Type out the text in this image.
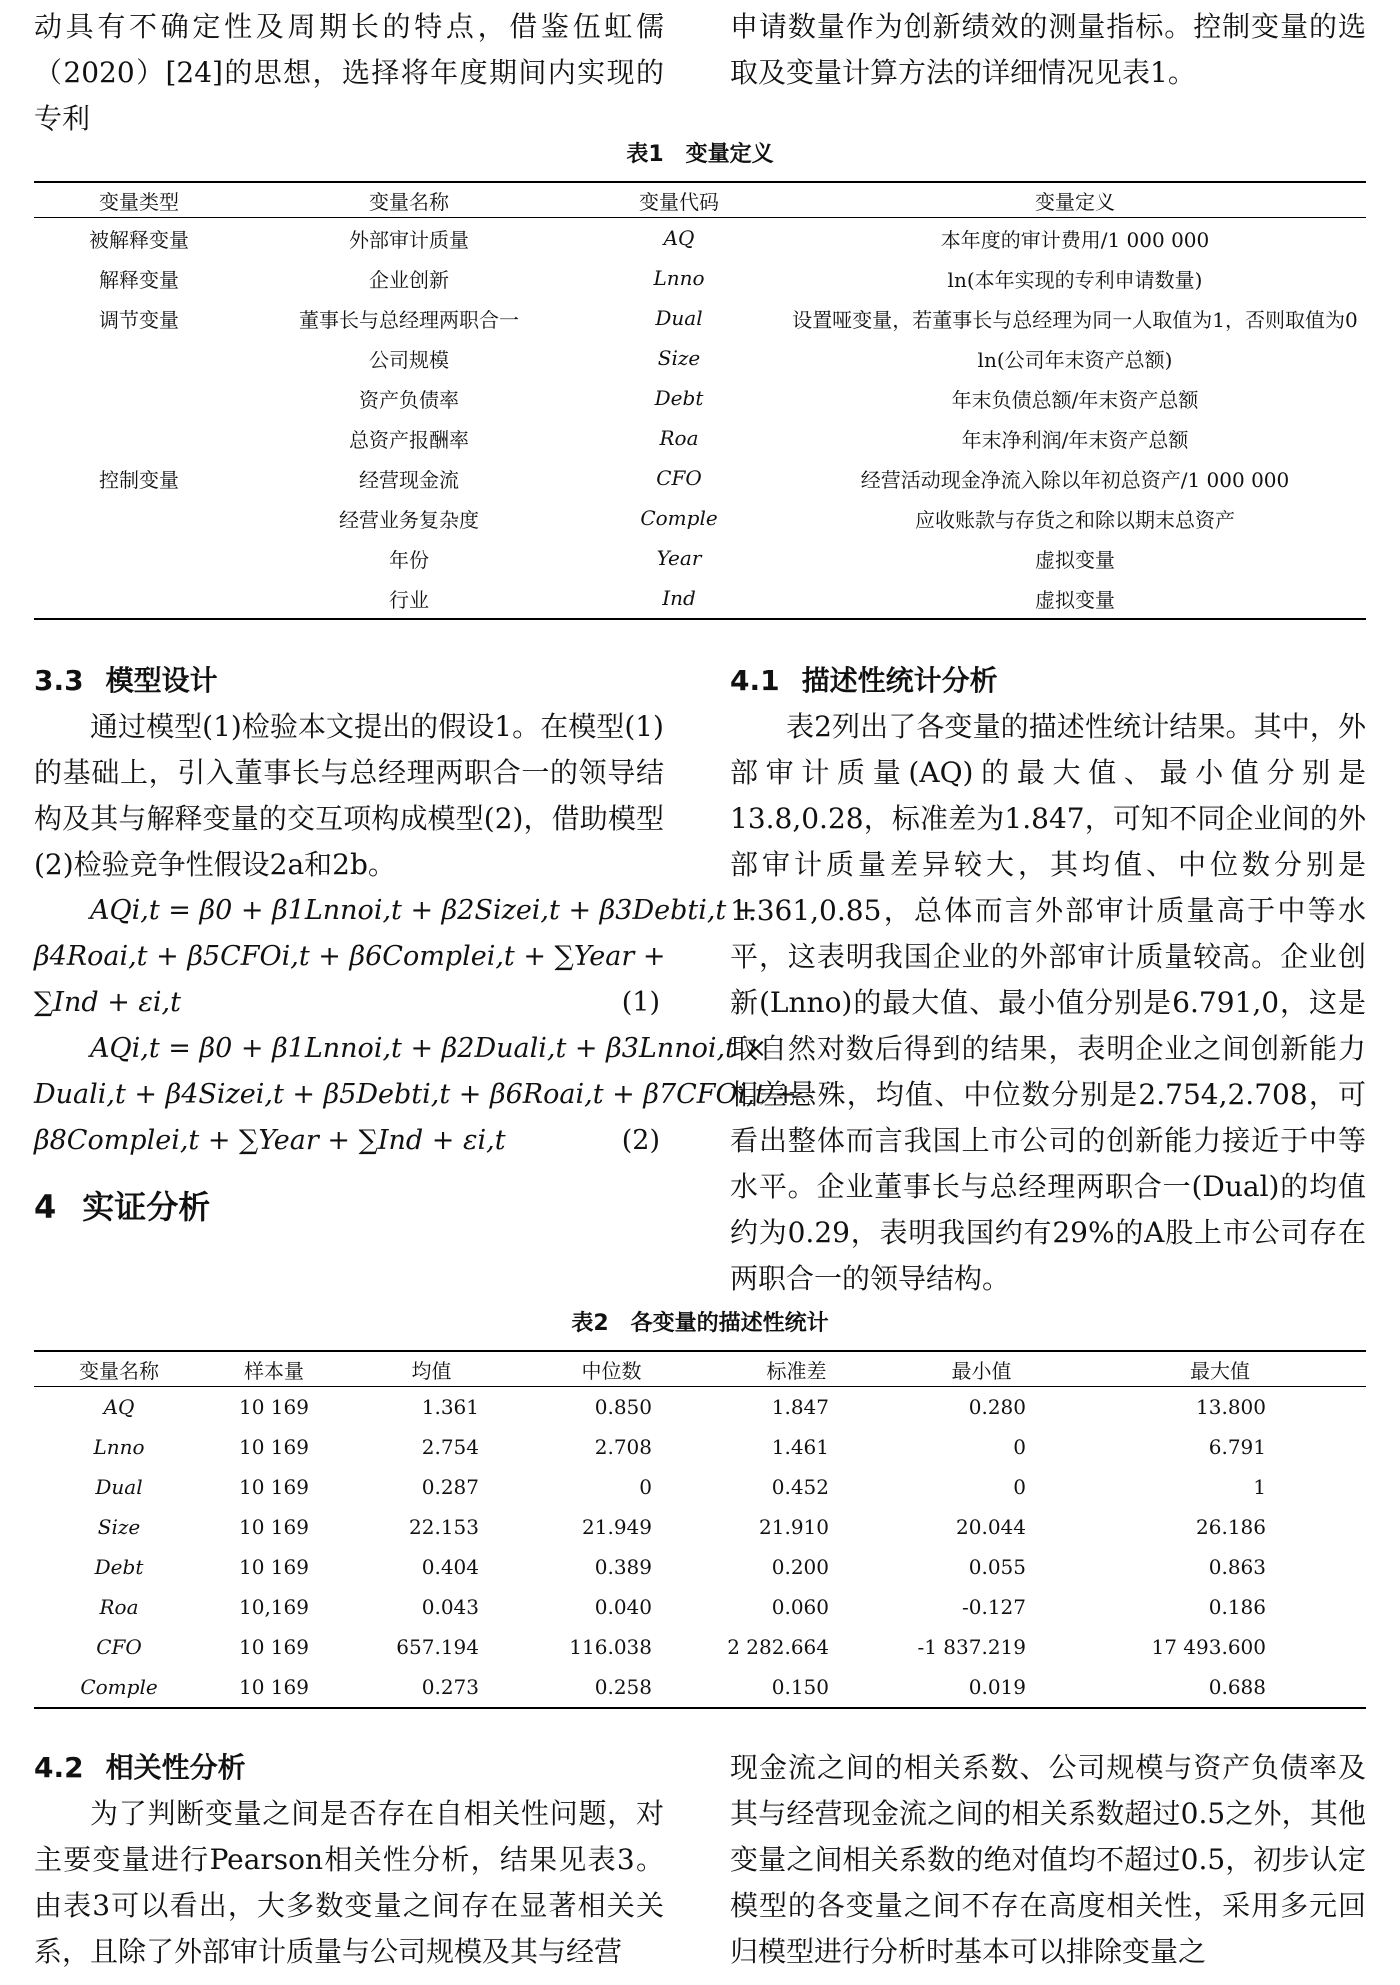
动具有不确定性及周期长的特点，借鉴伍虹儒（2020）[24]的思想，选择将年度期间内实现的专利

申请数量作为创新绩效的测量指标。控制变量的选取及变量计算方法的详细情况见表1。

表1　变量定义
变量类型	变量名称	变量代码	变量定义
被解释变量	外部审计质量	AQ	本年度的审计费用/1 000 000
解释变量	企业创新	Lnno	ln(本年实现的专利申请数量)
调节变量	董事长与总经理两职合一	Dual	设置哑变量，若董事长与总经理为同一人取值为1，否则取值为0
	公司规模	Size	ln(公司年末资产总额)
	资产负债率	Debt	年末负债总额/年末资产总额
	总资产报酬率	Roa	年末净利润/年末资产总额
控制变量	经营现金流	CFO	经营活动现金净流入除以年初总资产/1 000 000
	经营业务复杂度	Comple	应收账款与存货之和除以期末总资产
	年份	Year	虚拟变量
	行业	Ind	虚拟变量

3.3 模型设计

通过模型(1)检验本文提出的假设1。在模型(1)的基础上，引入董事长与总经理两职合一的领导结构及其与解释变量的交互项构成模型(2)，借助模型(2)检验竞争性假设2a和2b。

AQi,t = β0 + β1Lnnoi,t + β2Sizei,t + β3Debti,t +
β4Roai,t + β5CFOi,t + β6Complei,t + ∑Year +
∑Ind + εi,t	(1)
AQi,t = β0 + β1Lnnoi,t + β2Duali,t + β3Lnnoi,t ×
Duali,t + β4Sizei,t + β5Debti,t + β6Roai,t + β7CFOi,t +
β8Complei,t + ∑Year + ∑Ind + εi,t	(2)

4 实证分析

4.1 描述性统计分析

表2列出了各变量的描述性统计结果。其中，外部审计质量(AQ)的最大值、最小值分别是13.8,0.28，标准差为1.847，可知不同企业间的外部审计质量差异较大，其均值、中位数分别是1.361,0.85，总体而言外部审计质量高于中等水平，这表明我国企业的外部审计质量较高。企业创新(Lnno)的最大值、最小值分别是6.791,0，这是取自然对数后得到的结果，表明企业之间创新能力相差悬殊，均值、中位数分别是2.754,2.708，可看出整体而言我国上市公司的创新能力接近于中等水平。企业董事长与总经理两职合一(Dual)的均值约为0.29，表明我国约有29%的A股上市公司存在两职合一的领导结构。

表2　各变量的描述性统计
变量名称	样本量	均值	中位数	标准差	最小值	最大值
AQ	10 169	1.361	0.850	1.847	0.280	13.800
Lnno	10 169	2.754	2.708	1.461	0	6.791
Dual	10 169	0.287	0	0.452	0	1
Size	10 169	22.153	21.949	21.910	20.044	26.186
Debt	10 169	0.404	0.389	0.200	0.055	0.863
Roa	10,169	0.043	0.040	0.060	-0.127	0.186
CFO	10 169	657.194	116.038	2 282.664	-1 837.219	17 493.600
Comple	10 169	0.273	0.258	0.150	0.019	0.688

4.2 相关性分析

为了判断变量之间是否存在自相关性问题，对主要变量进行Pearson相关性分析，结果见表3。由表3可以看出，大多数变量之间存在显著相关关系，且除了外部审计质量与公司规模及其与经营

现金流之间的相关系数、公司规模与资产负债率及其与经营现金流之间的相关系数超过0.5之外，其他变量之间相关系数的绝对值均不超过0.5，初步认定模型的各变量之间不存在高度相关性，采用多元回归模型进行分析时基本可以排除变量之
